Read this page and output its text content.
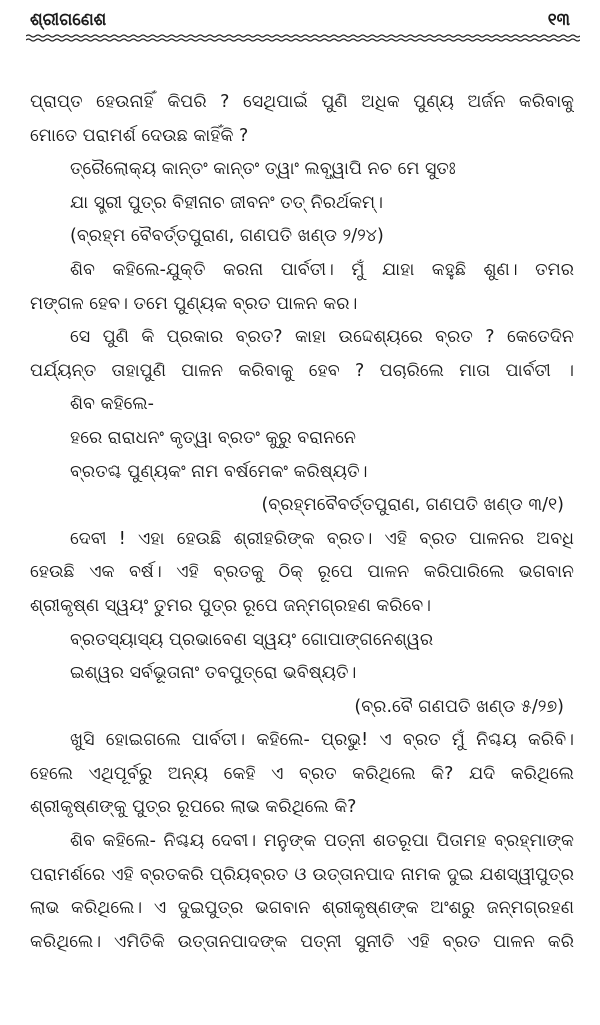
ଶ୍ରୀଗଣେଶ	୧୩
ପ୍ରାପ୍ତ ହେଉନାହିଁ କିପରି ? ସେଥିପାଇଁ ପୁଣି ଅଧିକ ପୁଣ୍ୟ ଅର୍ଜନ କରିବାକୁ
ମୋତେ ପରାମର୍ଶ ଦେଉଛ କାହିଁକି ?
ତ୍ରୈଲୋକ୍ୟ କାନ୍ତଂ କାନ୍ତଂ ତ୍ୱାଂ ଲବ୍ଧ୍ୱାପି ନଚ ମେ ସୁତଃ
ଯା ସ୍ତ୍ରୀ ପୁତ୍ର ବିହୀନାଚ ଜୀବନଂ ତତ୍ ନିରର୍ଥକମ୍।
(ବ୍ରହ୍ମ ବୈବର୍ତ୍ତପୁରାଣ, ଗଣପତି ଖଣ୍ଡ ୨/୨୪)
ଶିବ କହିଲେ-ଯୁକ୍ତି କରନା ପାର୍ବତୀ। ମୁଁ ଯାହା କହୁଛି ଶୁଣ। ତମର
ମଙ୍ଗଳ ହେବ। ତମେ ପୁଣ୍ୟକ ବ୍ରତ ପାଳନ କର।
ସେ ପୁଣି କି ପ୍ରକାର ବ୍ରତ? କାହା ଉଦ୍ଦେଶ୍ୟରେ ବ୍ରତ ? କେତେଦିନ
ପର୍ଯ୍ୟନ୍ତ ତାହାପୁଣି ପାଳନ କରିବାକୁ ହେବ ? ପଚାରିଲେ ମାତା ପାର୍ବତୀ ।
ଶିବ କହିଲେ-
ହରେ ରାରାଧନଂ କୃତ୍ୱା ବ୍ରତଂ କୁରୁ ବରାନନେ
ବ୍ରତଶ୍ଚ ପୁଣ୍ୟକଂ ନାମ ବର୍ଷମେକଂ କରିଷ୍ୟତି।
(ବ୍ରହ୍ମବୈବର୍ତ୍ତପୁରାଣ, ଗଣପତି ଖଣ୍ଡ ୩/୧)
ଦେବୀ ! ଏହା ହେଉଛି ଶ୍ରୀହରିଙ୍କ ବ୍ରତ। ଏହି ବ୍ରତ ପାଳନର ଅବଧି
ହେଉଛି ଏକ ବର୍ଷ। ଏହି ବ୍ରତକୁ ଠିକ୍ ରୂପେ ପାଳନ କରିପାରିଲେ ଭଗବାନ
ଶ୍ରୀକୃଷ୍ଣ ସ୍ୱୟଂ ତୁମର ପୁତ୍ର ରୂପେ ଜନ୍ମଗ୍ରହଣ କରିବେ।
ବ୍ରତସ୍ୟାସ୍ୟ ପ୍ରଭାବେଣ ସ୍ୱୟଂ ଗୋପାଙ୍ଗନେଶ୍ୱର
ଇଶ୍ୱର ସର୍ବଭୂତାନାଂ ତବପୁତ୍ରୋ ଭବିଷ୍ୟତି।
(ବ୍ର.ବୈ ଗଣପତି ଖଣ୍ଡ ୫/୨୭)
ଖୁସି ହୋଇଗଲେ ପାର୍ବତୀ। କହିଲେ- ପ୍ରଭୁ! ଏ ବ୍ରତ ମୁଁ ନିଶ୍ଚୟ କରିବି।
ହେଲେ ଏଥିପୂର୍ବରୁ ଅନ୍ୟ କେହି ଏ ବ୍ରତ କରିଥିଲେ କି? ଯଦି କରିଥିଲେ
ଶ୍ରୀକୃଷ୍ଣଙ୍କୁ ପୁତ୍ର ରୂପରେ ଲାଭ କରିଥିଲେ କି?
ଶିବ କହିଲେ- ନିଶ୍ଚୟ ଦେବୀ। ମନୁଙ୍କ ପତ୍ନୀ ଶତରୂପା ପିତାମହ ବ୍ରହ୍ମାଙ୍କ
ପରାମର୍ଶରେ ଏହି ବ୍ରତକରି ପ୍ରିୟବ୍ରତ ଓ ଉତ୍ତାନପାଦ ନାମକ ଦୁଇ ଯଶସ୍ୱୀପୁତ୍ର
ଲାଭ କରିଥିଲେ। ଏ ଦୁଇପୁତ୍ର ଭଗବାନ ଶ୍ରୀକୃଷ୍ଣଙ୍କ ଅଂଶରୁ ଜନ୍ମଗ୍ରହଣ
କରିଥିଲେ। ଏମିତିକି ଉତ୍ତାନପାଦଙ୍କ ପତ୍ନୀ ସୁନୀତି ଏହି ବ୍ରତ ପାଳନ କରି
